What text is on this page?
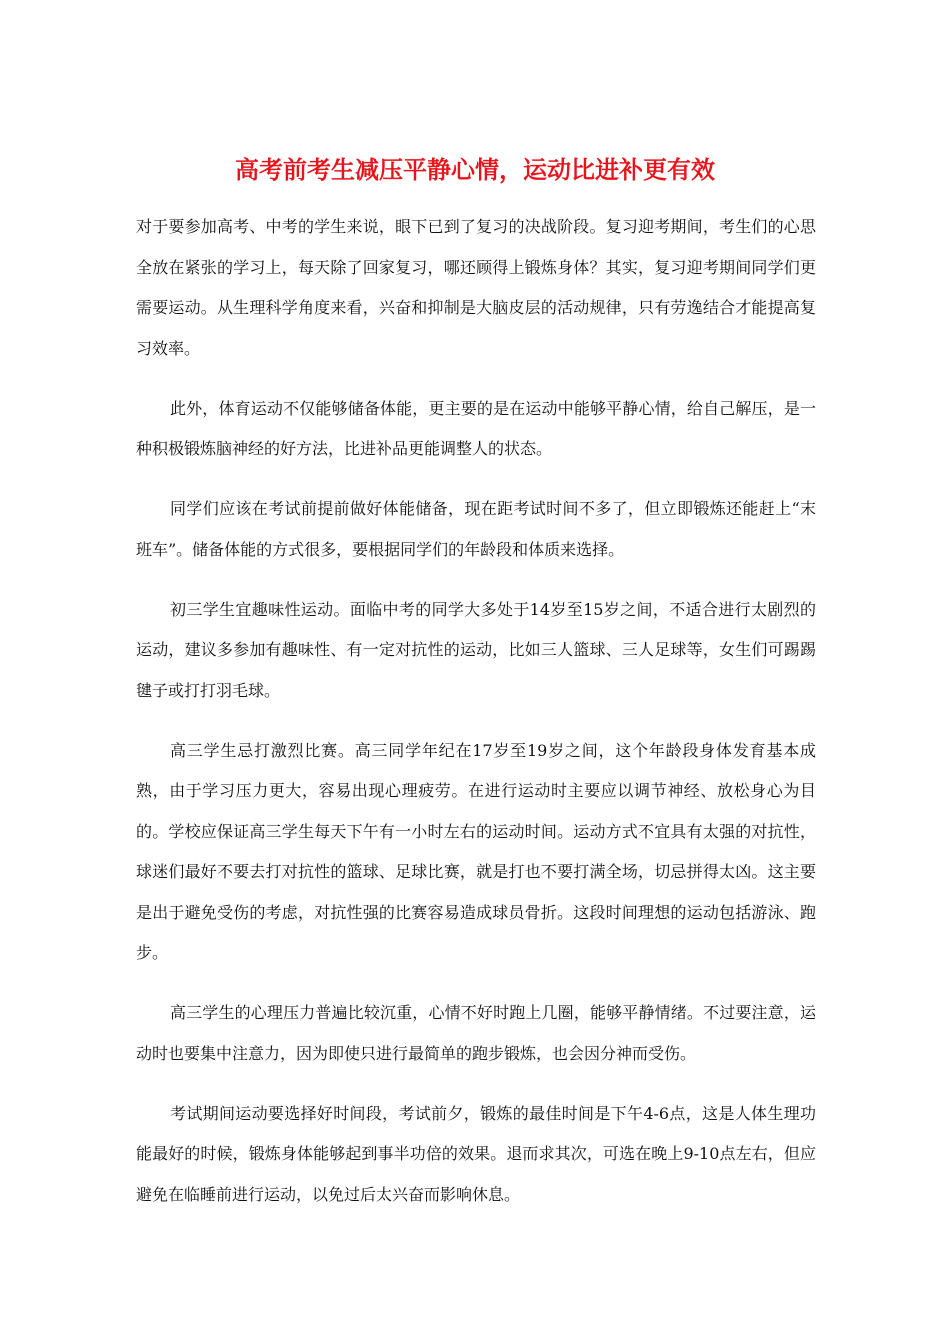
高考前考生减压平静心情，运动比进补更有效

对于要参加高考、中考的学生来说，眼下已到了复习的决战阶段。复习迎考期间，考生们的心思全放在紧张的学习上，每天除了回家复习，哪还顾得上锻炼身体？其实，复习迎考期间同学们更需要运动。从生理科学角度来看，兴奋和抑制是大脑皮层的活动规律，只有劳逸结合才能提高复习效率。

此外，体育运动不仅能够储备体能，更主要的是在运动中能够平静心情，给自己解压，是一种积极锻炼脑神经的好方法，比进补品更能调整人的状态。

同学们应该在考试前提前做好体能储备，现在距考试时间不多了，但立即锻炼还能赶上“末班车”。储备体能的方式很多，要根据同学们的年龄段和体质来选择。

初三学生宜趣味性运动。面临中考的同学大多处于14岁至15岁之间，不适合进行太剧烈的运动，建议多参加有趣味性、有一定对抗性的运动，比如三人篮球、三人足球等，女生们可踢踢毽子或打打羽毛球。

高三学生忌打激烈比赛。高三同学年纪在17岁至19岁之间，这个年龄段身体发育基本成熟，由于学习压力更大，容易出现心理疲劳。在进行运动时主要应以调节神经、放松身心为目的。学校应保证高三学生每天下午有一小时左右的运动时间。运动方式不宜具有太强的对抗性，球迷们最好不要去打对抗性的篮球、足球比赛，就是打也不要打满全场，切忌拼得太凶。这主要是出于避免受伤的考虑，对抗性强的比赛容易造成球员骨折。这段时间理想的运动包括游泳、跑步。

高三学生的心理压力普遍比较沉重，心情不好时跑上几圈，能够平静情绪。不过要注意，运动时也要集中注意力，因为即使只进行最简单的跑步锻炼，也会因分神而受伤。

考试期间运动要选择好时间段，考试前夕，锻炼的最佳时间是下午4-6点，这是人体生理功能最好的时候，锻炼身体能够起到事半功倍的效果。退而求其次，可选在晚上9-10点左右，但应避免在临睡前进行运动，以免过后太兴奋而影响休息。
